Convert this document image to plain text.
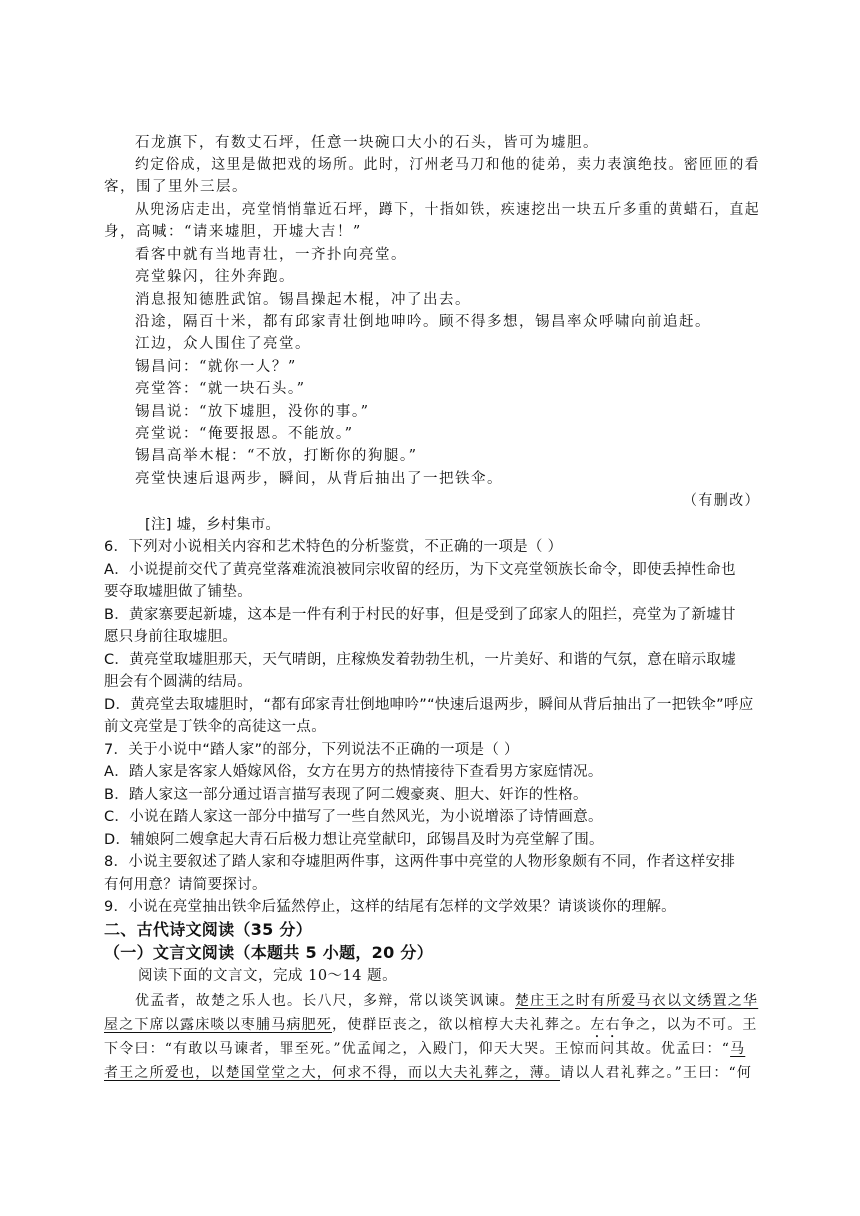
石龙旗下，有数丈石坪，任意一块碗口大小的石头，皆可为墟胆。
约定俗成，这里是做把戏的场所。此时，汀州老马刀和他的徒弟，卖力表演绝技。密匝匝的看
客，围了里外三层。
从兜汤店走出，亮堂悄悄靠近石坪，蹲下，十指如铁，疾速挖出一块五斤多重的黄蜡石，直起
身，高喊：“请来墟胆，开墟大吉！”
看客中就有当地青壮，一齐扑向亮堂。
亮堂躲闪，往外奔跑。
消息报知德胜武馆。锡昌操起木棍，冲了出去。
沿途，隔百十米，都有邱家青壮倒地呻吟。顾不得多想，锡昌率众呼啸向前追赶。
江边，众人围住了亮堂。
锡昌问：“就你一人？”
亮堂答：“就一块石头。”
锡昌说：“放下墟胆，没你的事。”
亮堂说：“俺要报恩。不能放。”
锡昌高举木棍：“不放，打断你的狗腿。”
亮堂快速后退两步，瞬间，从背后抽出了一把铁伞。
（有删改）
[注] 墟，乡村集市。
6．下列对小说相关内容和艺术特色的分析鉴赏，不正确的一项是（ ）
A．小说提前交代了黄亮堂落难流浪被同宗收留的经历，为下文亮堂领族长命令，即使丢掉性命也
要夺取墟胆做了铺垫。
B．黄家寨要起新墟，这本是一件有利于村民的好事，但是受到了邱家人的阻拦，亮堂为了新墟甘
愿只身前往取墟胆。
C．黄亮堂取墟胆那天，天气晴朗，庄稼焕发着勃勃生机，一片美好、和谐的气氛，意在暗示取墟
胆会有个圆满的结局。
D．黄亮堂去取墟胆时，“都有邱家青壮倒地呻吟”“快速后退两步，瞬间从背后抽出了一把铁伞”呼应
前文亮堂是丁铁伞的高徒这一点。
7．关于小说中“踏人家”的部分，下列说法不正确的一项是（ ）
A．踏人家是客家人婚嫁风俗，女方在男方的热情接待下查看男方家庭情况。
B．踏人家这一部分通过语言描写表现了阿二嫂豪爽、胆大、奸诈的性格。
C．小说在踏人家这一部分中描写了一些自然风光，为小说增添了诗情画意。
D．辅娘阿二嫂拿起大青石后极力想让亮堂献印，邱锡昌及时为亮堂解了围。
8．小说主要叙述了踏人家和夺墟胆两件事，这两件事中亮堂的人物形象颇有不同，作者这样安排
有何用意？请简要探讨。
9．小说在亮堂抽出铁伞后猛然停止，这样的结尾有怎样的文学效果？请谈谈你的理解。
二、古代诗文阅读（35 分）
（一）文言文阅读（本题共 5 小题，20 分）
阅读下面的文言文，完成 10～14 题。
优孟者，故楚之乐人也。长八尺，多辩，常以谈笑讽谏。楚庄王之时有所爱马衣以文绣置之华
屋之下席以露床啖以枣脯马病肥死，使群臣丧之，欲以棺椁大夫礼葬之。左右争之，以为不可。王
下令曰：“有敢以马谏者，罪至死。”优孟闻之，入殿门，仰天大哭。王惊而问其故。优孟曰：“马
者王之所爱也，以楚国堂堂之大，何求不得，而以大夫礼葬之，薄。请以人君礼葬之。”王曰：“何
